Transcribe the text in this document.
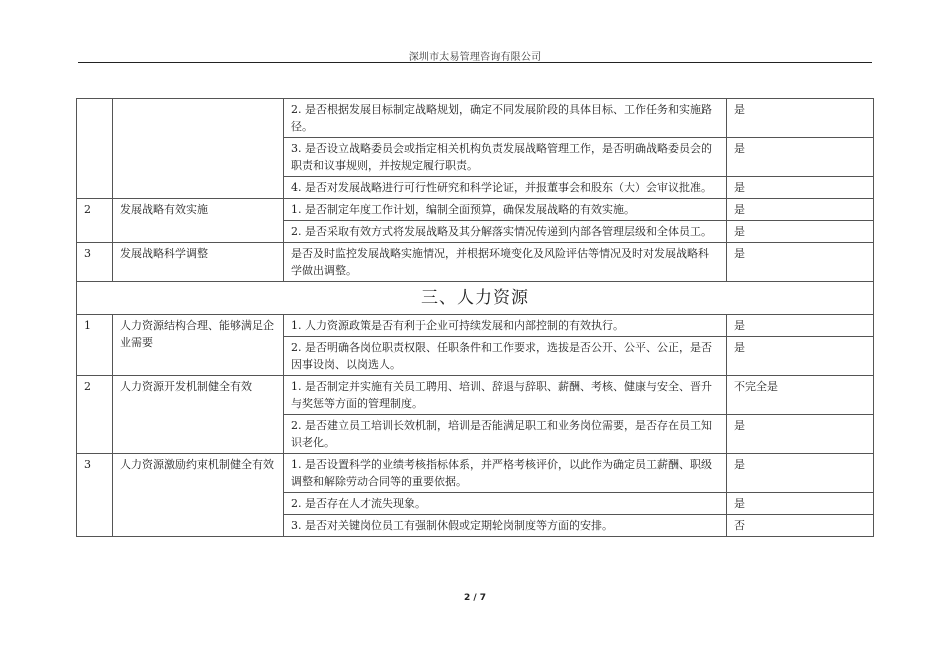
深圳市太易管理咨询有限公司
		2. 是否根据发展目标制定战略规划，确定不同发展阶段的具体目标、工作任务和实施路径。	是
		3. 是否设立战略委员会或指定相关机构负责发展战略管理工作，是否明确战略委员会的职责和议事规则，并按规定履行职责。	是
		4. 是否对发展战略进行可行性研究和科学论证，并报董事会和股东（大）会审议批准。	是
2	发展战略有效实施	1. 是否制定年度工作计划，编制全面预算，确保发展战略的有效实施。	是
		2. 是否采取有效方式将发展战略及其分解落实情况传递到内部各管理层级和全体员工。	是
3	发展战略科学调整	是否及时监控发展战略实施情况，并根据环境变化及风险评估等情况及时对发展战略科学做出调整。	是
三、人力资源			
1	人力资源结构合理、能够满足企业需要	1. 人力资源政策是否有利于企业可持续发展和内部控制的有效执行。	是
		2. 是否明确各岗位职责权限、任职条件和工作要求，选拔是否公开、公平、公正，是否因事设岗、以岗选人。	是
2	人力资源开发机制健全有效	1. 是否制定并实施有关员工聘用、培训、辞退与辞职、薪酬、考核、健康与安全、晋升与奖惩等方面的管理制度。	不完全是
		2. 是否建立员工培训长效机制，培训是否能满足职工和业务岗位需要，是否存在员工知识老化。	是
3	人力资源激励约束机制健全有效	1. 是否设置科学的业绩考核指标体系，并严格考核评价，以此作为确定员工薪酬、职级调整和解除劳动合同等的重要依据。	是
		2. 是否存在人才流失现象。	是
		3. 是否对关键岗位员工有强制休假或定期轮岗制度等方面的安排。	否
2 / 7
